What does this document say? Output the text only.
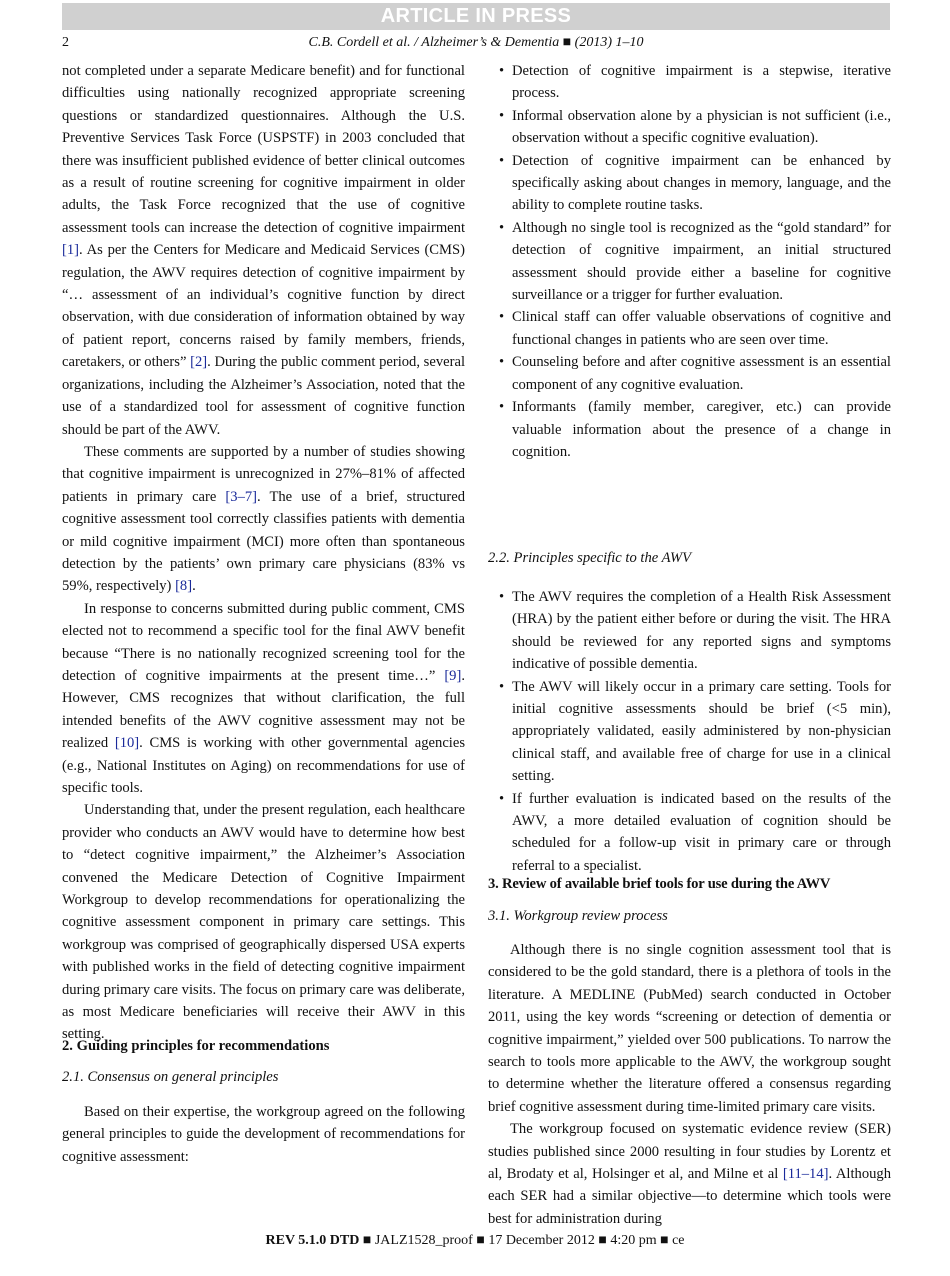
ARTICLE IN PRESS
2	C.B. Cordell et al. / Alzheimer’s & Dementia ■ (2013) 1–10

not completed under a separate Medicare benefit) and for functional difficulties using nationally recognized appropriate screening questions or standardized questionnaires. Although the U.S. Preventive Services Task Force (USPSTF) in 2003 concluded that there was insufficient published evidence of better clinical outcomes as a result of routine screening for cognitive impairment in older adults, the Task Force recognized that the use of cognitive assessment tools can increase the detection of cognitive impairment [1]. As per the Centers for Medicare and Medicaid Services (CMS) regulation, the AWV requires detection of cognitive impairment by “… assessment of an individual’s cognitive function by direct observation, with due consideration of information obtained by way of patient report, concerns raised by family members, friends, caretakers, or others” [2]. During the public comment period, several organizations, including the Alzheimer’s Association, noted that the use of a standardized tool for assessment of cognitive function should be part of the AWV.

These comments are supported by a number of studies showing that cognitive impairment is unrecognized in 27%–81% of affected patients in primary care [3–7]. The use of a brief, structured cognitive assessment tool correctly classifies patients with dementia or mild cognitive impairment (MCI) more often than spontaneous detection by the patients’ own primary care physicians (83% vs 59%, respectively) [8].

In response to concerns submitted during public comment, CMS elected not to recommend a specific tool for the final AWV benefit because “There is no nationally recognized screening tool for the detection of cognitive impairments at the present time…” [9]. However, CMS recognizes that without clarification, the full intended benefits of the AWV cognitive assessment may not be realized [10]. CMS is working with other governmental agencies (e.g., National Institutes on Aging) on recommendations for use of specific tools.

Understanding that, under the present regulation, each healthcare provider who conducts an AWV would have to determine how best to “detect cognitive impairment,” the Alzheimer’s Association convened the Medicare Detection of Cognitive Impairment Workgroup to develop recommendations for operationalizing the cognitive assessment component in primary care settings. This workgroup was comprised of geographically dispersed USA experts with published works in the field of detecting cognitive impairment during primary care visits. The focus on primary care was deliberate, as most Medicare beneficiaries will receive their AWV in this setting.

2. Guiding principles for recommendations
2.1. Consensus on general principles

Based on their expertise, the workgroup agreed on the following general principles to guide the development of recommendations for cognitive assessment:

• Detection of cognitive impairment is a stepwise, iterative process.
• Informal observation alone by a physician is not sufficient (i.e., observation without a specific cognitive evaluation).
• Detection of cognitive impairment can be enhanced by specifically asking about changes in memory, language, and the ability to complete routine tasks.
• Although no single tool is recognized as the “gold standard” for detection of cognitive impairment, an initial structured assessment should provide either a baseline for cognitive surveillance or a trigger for further evaluation.
• Clinical staff can offer valuable observations of cognitive and functional changes in patients who are seen over time.
• Counseling before and after cognitive assessment is an essential component of any cognitive evaluation.
• Informants (family member, caregiver, etc.) can provide valuable information about the presence of a change in cognition.
2.2. Principles specific to the AWV
• The AWV requires the completion of a Health Risk Assessment (HRA) by the patient either before or during the visit. The HRA should be reviewed for any reported signs and symptoms indicative of possible dementia.
• The AWV will likely occur in a primary care setting. Tools for initial cognitive assessments should be brief (<5 min), appropriately validated, easily administered by non-physician clinical staff, and available free of charge for use in a clinical setting.
• If further evaluation is indicated based on the results of the AWV, a more detailed evaluation of cognition should be scheduled for a follow-up visit in primary care or through referral to a specialist.
3. Review of available brief tools for use during the AWV
3.1. Workgroup review process

Although there is no single cognition assessment tool that is considered to be the gold standard, there is a plethora of tools in the literature. A MEDLINE (PubMed) search conducted in October 2011, using the key words “screening or detection of dementia or cognitive impairment,” yielded over 500 publications. To narrow the search to tools more applicable to the AWV, the workgroup sought to determine whether the literature offered a consensus regarding brief cognitive assessment during time-limited primary care visits.

The workgroup focused on systematic evidence review (SER) studies published since 2000 resulting in four studies by Lorentz et al, Brodaty et al, Holsinger et al, and Milne et al [11–14]. Although each SER had a similar objective—to determine which tools were best for administration during

REV 5.1.0 DTD ■ JALZ1528_proof ■ 17 December 2012 ■ 4:20 pm ■ ce
